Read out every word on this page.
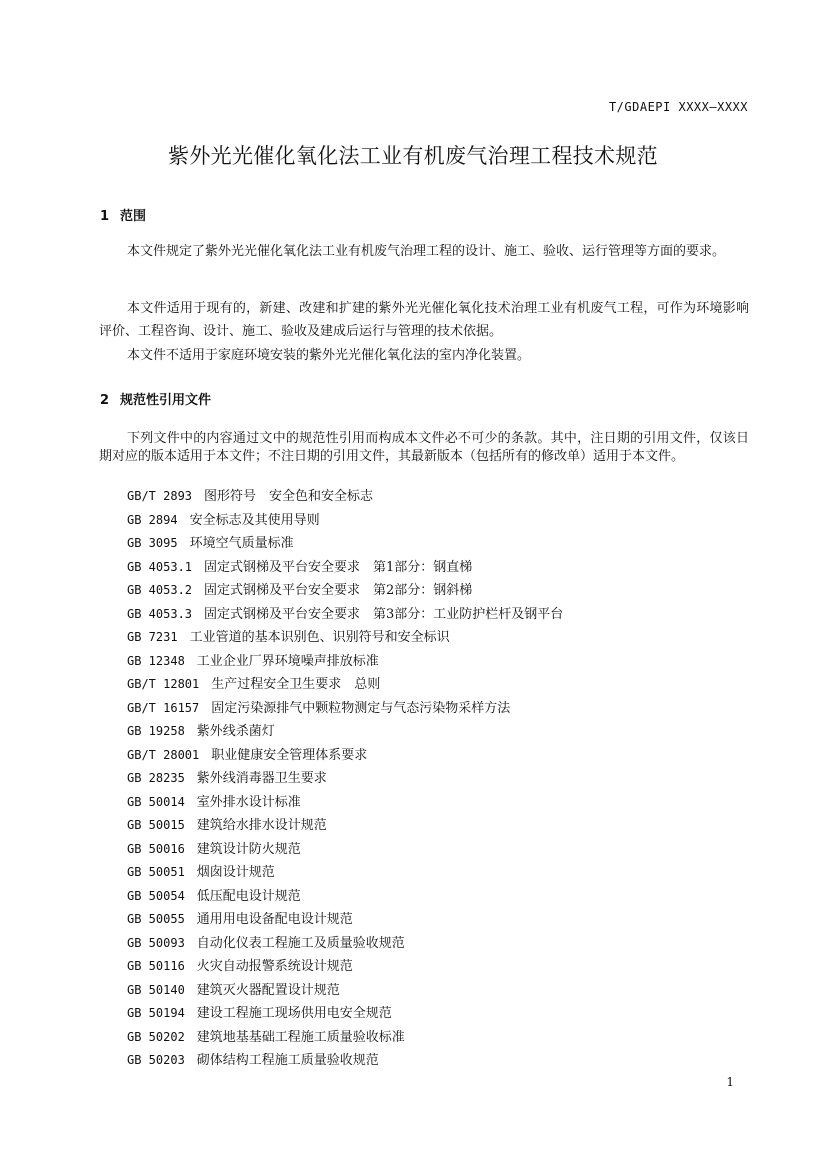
T/GDAEPI XXXX—XXXX
紫外光光催化氧化法工业有机废气治理工程技术规范
1 范围

本文件规定了紫外光光催化氧化法工业有机废气治理工程的设计、施工、验收、运行管理等方面的要求。

本文件适用于现有的，新建、改建和扩建的紫外光光催化氧化技术治理工业有机废气工程，可作为环境影响评价、工程咨询、设计、施工、验收及建成后运行与管理的技术依据。

本文件不适用于家庭环境安装的紫外光光催化氧化法的室内净化装置。

2 规范性引用文件

下列文件中的内容通过文中的规范性引用而构成本文件必不可少的条款。其中，注日期的引用文件，仅该日期对应的版本适用于本文件；不注日期的引用文件，其最新版本（包括所有的修改单）适用于本文件。

GB/T 2893 图形符号　安全色和安全标志
GB 2894 安全标志及其使用导则
GB 3095 环境空气质量标准
GB 4053.1 固定式钢梯及平台安全要求　第1部分：钢直梯
GB 4053.2 固定式钢梯及平台安全要求　第2部分：钢斜梯
GB 4053.3 固定式钢梯及平台安全要求　第3部分：工业防护栏杆及钢平台
GB 7231 工业管道的基本识别色、识别符号和安全标识
GB 12348 工业企业厂界环境噪声排放标准
GB/T 12801 生产过程安全卫生要求　总则
GB/T 16157 固定污染源排气中颗粒物测定与气态污染物采样方法
GB 19258 紫外线杀菌灯
GB/T 28001 职业健康安全管理体系要求
GB 28235 紫外线消毒器卫生要求
GB 50014 室外排水设计标准
GB 50015 建筑给水排水设计规范
GB 50016 建筑设计防火规范
GB 50051 烟囱设计规范
GB 50054 低压配电设计规范
GB 50055 通用用电设备配电设计规范
GB 50093 自动化仪表工程施工及质量验收规范
GB 50116 火灾自动报警系统设计规范
GB 50140 建筑灭火器配置设计规范
GB 50194 建设工程施工现场供用电安全规范
GB 50202 建筑地基基础工程施工质量验收标准
GB 50203 砌体结构工程施工质量验收规范
1
